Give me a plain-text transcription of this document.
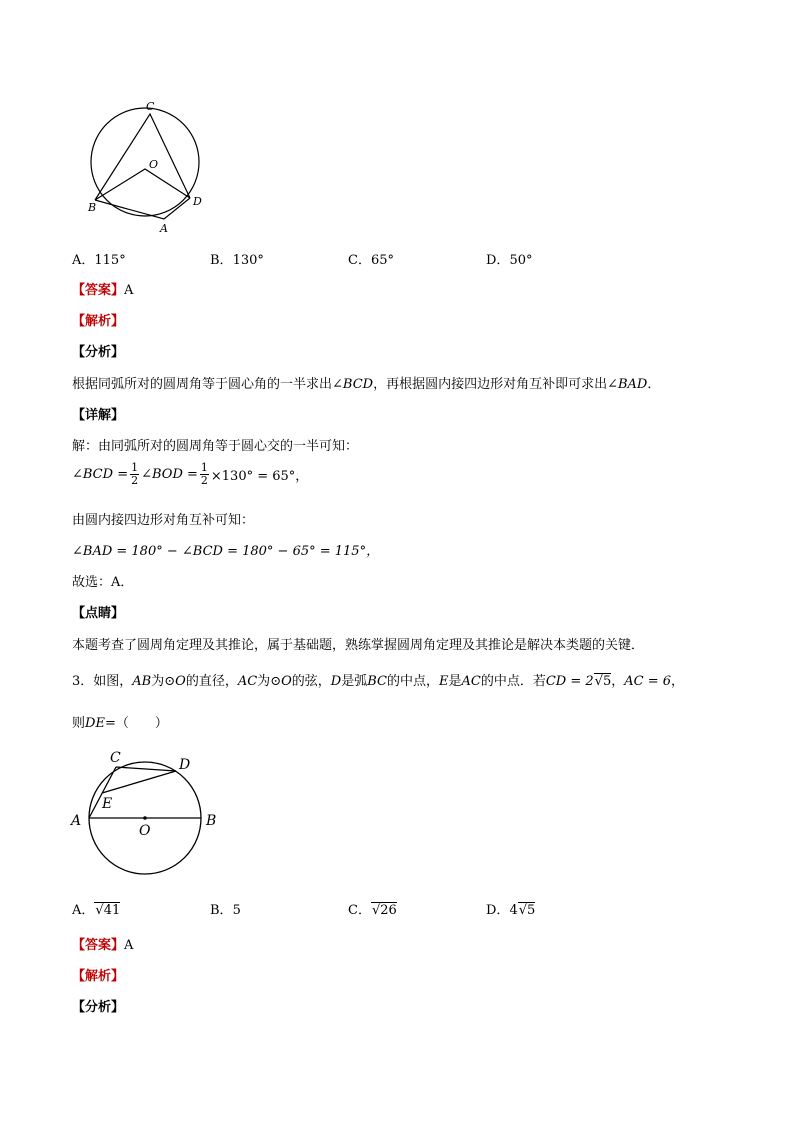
C
O
B	D
A
A．115°	B．130°	C．65°	D．50°
【答案】A
【解析】
【分析】
根据同弧所对的圆周角等于圆心角的一半求出∠BCD，再根据圆内接四边形对角互补即可求出∠BAD．
【详解】
解：由同弧所对的圆周角等于圆心交的一半可知：
∠BCD = $\frac{1}{2}$ ∠BOD = $\frac{1}{2} \times 130^\circ = 65^\circ$，
由圆内接四边形对角互补可知：
∠BAD = 180° − ∠BCD = 180° − 65° = 115°，
故选：A．
【点睛】
本题考查了圆周角定理及其推论，属于基础题，熟练掌握圆周角定理及其推论是解决本类题的关键．
3．如图，AB为⊙O的直径，AC为⊙O的弦，D是弧BC的中点，E是AC的中点．若CD = 2√5，AC = 6，
则DE=（　　）
C	D
E
A
O
B
A．√41	B．5	C．√26	D．4√5
【答案】A
【解析】
【分析】
